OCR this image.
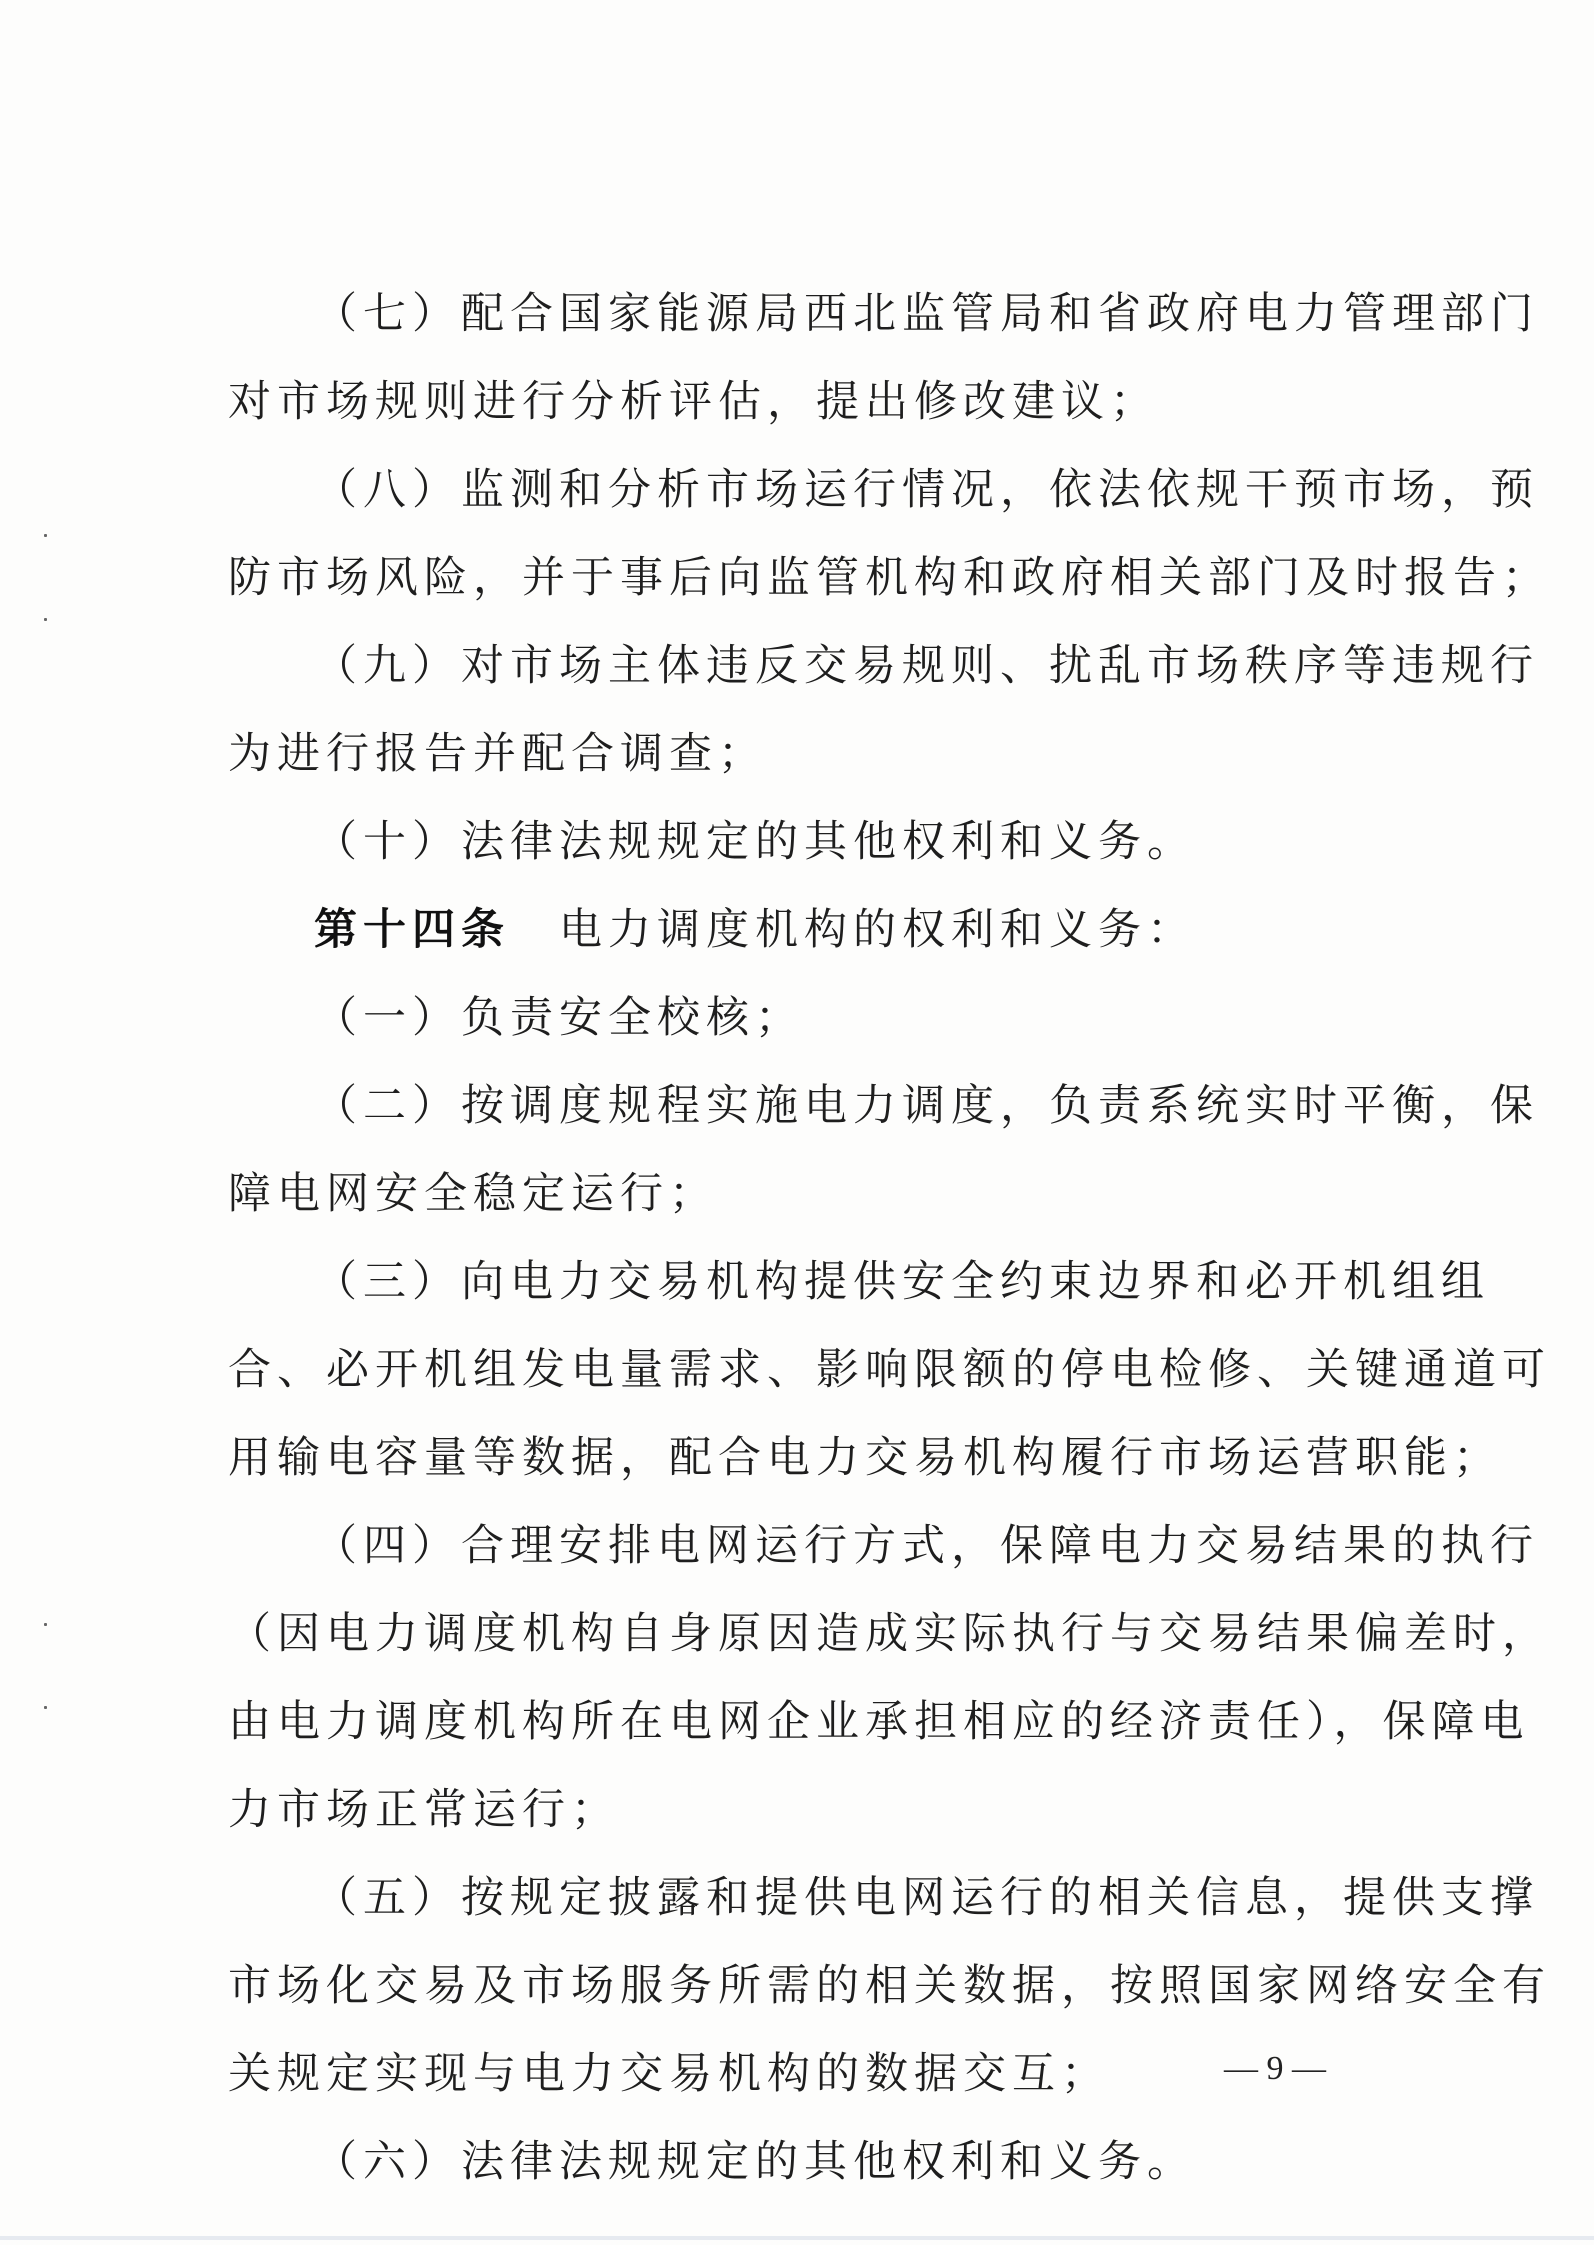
（七）配合国家能源局西北监管局和省政府电力管理部门
对市场规则进行分析评估，提出修改建议；
（八）监测和分析市场运行情况，依法依规干预市场，预
防市场风险，并于事后向监管机构和政府相关部门及时报告；
（九）对市场主体违反交易规则、扰乱市场秩序等违规行
为进行报告并配合调查；
（十）法律法规规定的其他权利和义务。
第十四条  电力调度机构的权利和义务：
（一）负责安全校核；
（二）按调度规程实施电力调度，负责系统实时平衡，保
障电网安全稳定运行；
（三）向电力交易机构提供安全约束边界和必开机组组
合、必开机组发电量需求、影响限额的停电检修、关键通道可
用输电容量等数据，配合电力交易机构履行市场运营职能；
（四）合理安排电网运行方式，保障电力交易结果的执行
（因电力调度机构自身原因造成实际执行与交易结果偏差时，
由电力调度机构所在电网企业承担相应的经济责任），保障电
力市场正常运行；
（五）按规定披露和提供电网运行的相关信息，提供支撑
市场化交易及市场服务所需的相关数据，按照国家网络安全有
关规定实现与电力交易机构的数据交互；
（六）法律法规规定的其他权利和义务。
— 9 —
